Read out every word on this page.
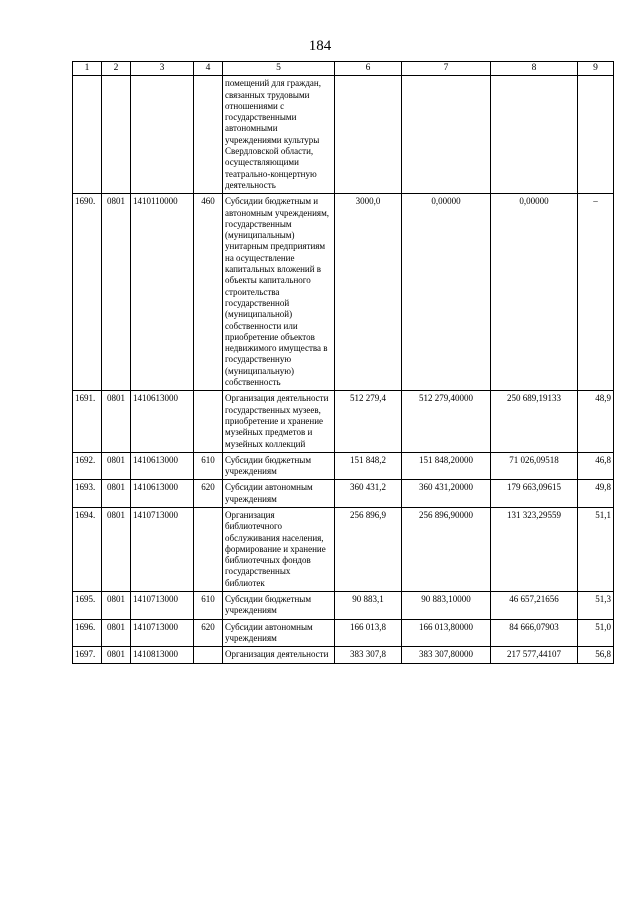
184
1	2	3	4	5	6	7	8	9
				помещений для граждан, связанных трудовыми отношениями с государственными автономными учреждениями культуры Свердловской области, осуществляющими театрально-концертную деятельность				
1690.	0801	1410110000	460	Субсидии бюджетным и автономным учреждениям, государственным (муниципальным) унитарным предприятиям на осуществление капитальных вложений в объекты капитального строительства государственной (муниципальной) собственности или приобретение объектов недвижимого имущества в государственную (муниципальную) собственность	3000,0	0,00000	0,00000	–
1691.	0801	1410613000		Организация деятельности государственных музеев, приобретение и хранение музейных предметов и музейных коллекций	512 279,4	512 279,40000	250 689,19133	48,9
1692.	0801	1410613000	610	Субсидии бюджетным учреждениям	151 848,2	151 848,20000	71 026,09518	46,8
1693.	0801	1410613000	620	Субсидии автономным учреждениям	360 431,2	360 431,20000	179 663,09615	49,8
1694.	0801	1410713000		Организация библиотечного обслуживания населения, формирование и хранение библиотечных фондов государственных библиотек	256 896,9	256 896,90000	131 323,29559	51,1
1695.	0801	1410713000	610	Субсидии бюджетным учреждениям	90 883,1	90 883,10000	46 657,21656	51,3
1696.	0801	1410713000	620	Субсидии автономным учреждениям	166 013,8	166 013,80000	84 666,07903	51,0
1697.	0801	1410813000		Организация деятельности	383 307,8	383 307,80000	217 577,44107	56,8
